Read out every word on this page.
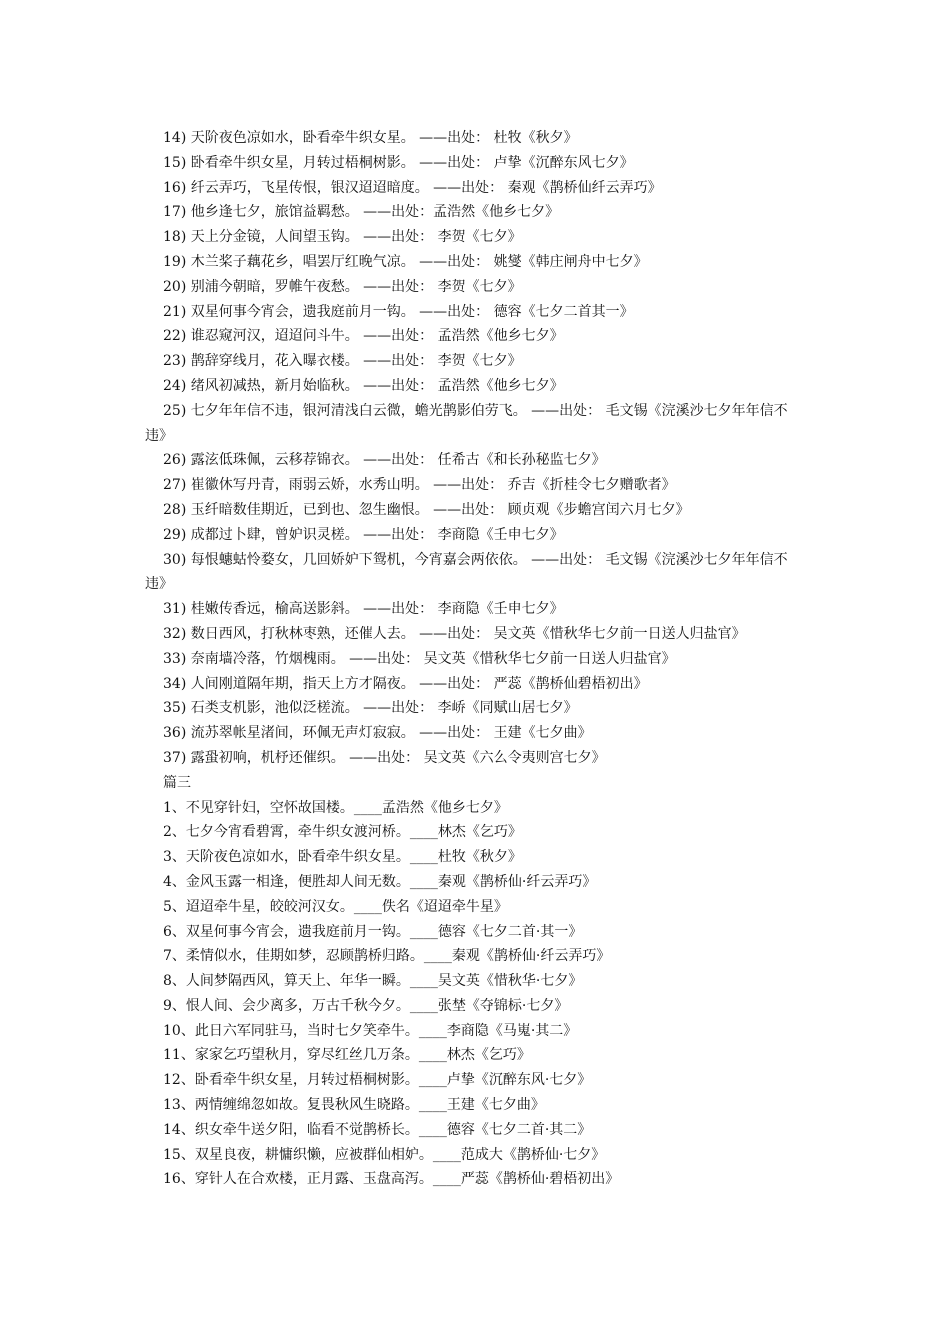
14) 天阶夜色凉如水，卧看牵牛织女星。 ——出处： 杜牧《秋夕》
15) 卧看牵牛织女星，月转过梧桐树影。 ——出处： 卢挚《沉醉东风七夕》
16) 纤云弄巧，飞星传恨，银汉迢迢暗度。 ——出处： 秦观《鹊桥仙纤云弄巧》
17) 他乡逢七夕，旅馆益羁愁。 ——出处：孟浩然《他乡七夕》
18) 天上分金镜，人间望玉钩。 ——出处： 李贺《七夕》
19) 木兰桨子藕花乡，唱罢厅红晚气凉。 ——出处： 姚燮《韩庄闸舟中七夕》
20) 别浦今朝暗，罗帷午夜愁。 ——出处： 李贺《七夕》
21) 双星何事今宵会，遗我庭前月一钩。 ——出处： 德容《七夕二首其一》
22) 谁忍窥河汉，迢迢问斗牛。 ——出处： 孟浩然《他乡七夕》
23) 鹊辞穿线月，花入曝衣楼。 ——出处： 李贺《七夕》
24) 绪风初减热，新月始临秋。 ——出处： 孟浩然《他乡七夕》
25) 七夕年年信不违，银河清浅白云微，蟾光鹊影伯劳飞。 ——出处： 毛文锡《浣溪沙七夕年年信不违》
26) 露泫低珠佩，云移荐锦衣。 ——出处： 任希古《和长孙秘监七夕》
27) 崔徽休写丹青，雨弱云娇，水秀山明。 ——出处： 乔吉《折桂令七夕赠歌者》
28) 玉纤暗数佳期近，已到也、忽生幽恨。 ——出处： 顾贞观《步蟾宫闰六月七夕》
29) 成都过卜肆，曾妒识灵槎。 ——出处： 李商隐《壬申七夕》
30) 每恨蟪蛄怜婺女，几回娇妒下鸳机，今宵嘉会两依依。 ——出处： 毛文锡《浣溪沙七夕年年信不违》
31) 桂嫩传香远，榆高送影斜。 ——出处： 李商隐《壬申七夕》
32) 数日西风，打秋林枣熟，还催人去。 ——出处： 吴文英《惜秋华七夕前一日送人归盐官》
33) 奈南墙冷落，竹烟槐雨。 ——出处： 吴文英《惜秋华七夕前一日送人归盐官》
34) 人间刚道隔年期，指天上方才隔夜。 ——出处： 严蕊《鹊桥仙碧梧初出》
35) 石类支机影，池似泛槎流。 ——出处： 李峤《同赋山居七夕》
36) 流苏翠帐星渚间，环佩无声灯寂寂。 ——出处： 王建《七夕曲》
37) 露蛩初响，机杼还催织。 ——出处： 吴文英《六么令夷则宫七夕》
篇三
1、不见穿针妇，空怀故国楼。____孟浩然《他乡七夕》
2、七夕今宵看碧霄，牵牛织女渡河桥。____林杰《乞巧》
3、天阶夜色凉如水，卧看牵牛织女星。____杜牧《秋夕》
4、金风玉露一相逢，便胜却人间无数。____秦观《鹊桥仙·纤云弄巧》
5、迢迢牵牛星，皎皎河汉女。____佚名《迢迢牵牛星》
6、双星何事今宵会，遗我庭前月一钩。____德容《七夕二首·其一》
7、柔情似水，佳期如梦，忍顾鹊桥归路。____秦观《鹊桥仙·纤云弄巧》
8、人间梦隔西风，算天上、年华一瞬。____吴文英《惜秋华·七夕》
9、恨人间、会少离多，万古千秋今夕。____张埜《夺锦标·七夕》
10、此日六军同驻马，当时七夕笑牵牛。____李商隐《马嵬·其二》
11、家家乞巧望秋月，穿尽红丝几万条。____林杰《乞巧》
12、卧看牵牛织女星，月转过梧桐树影。____卢挚《沉醉东风·七夕》
13、两情缠绵忽如故。复畏秋风生晓路。____王建《七夕曲》
14、织女牵牛送夕阳，临看不觉鹊桥长。____德容《七夕二首·其二》
15、双星良夜，耕慵织懒，应被群仙相妒。____范成大《鹊桥仙·七夕》
16、穿针人在合欢楼，正月露、玉盘高泻。____严蕊《鹊桥仙·碧梧初出》
